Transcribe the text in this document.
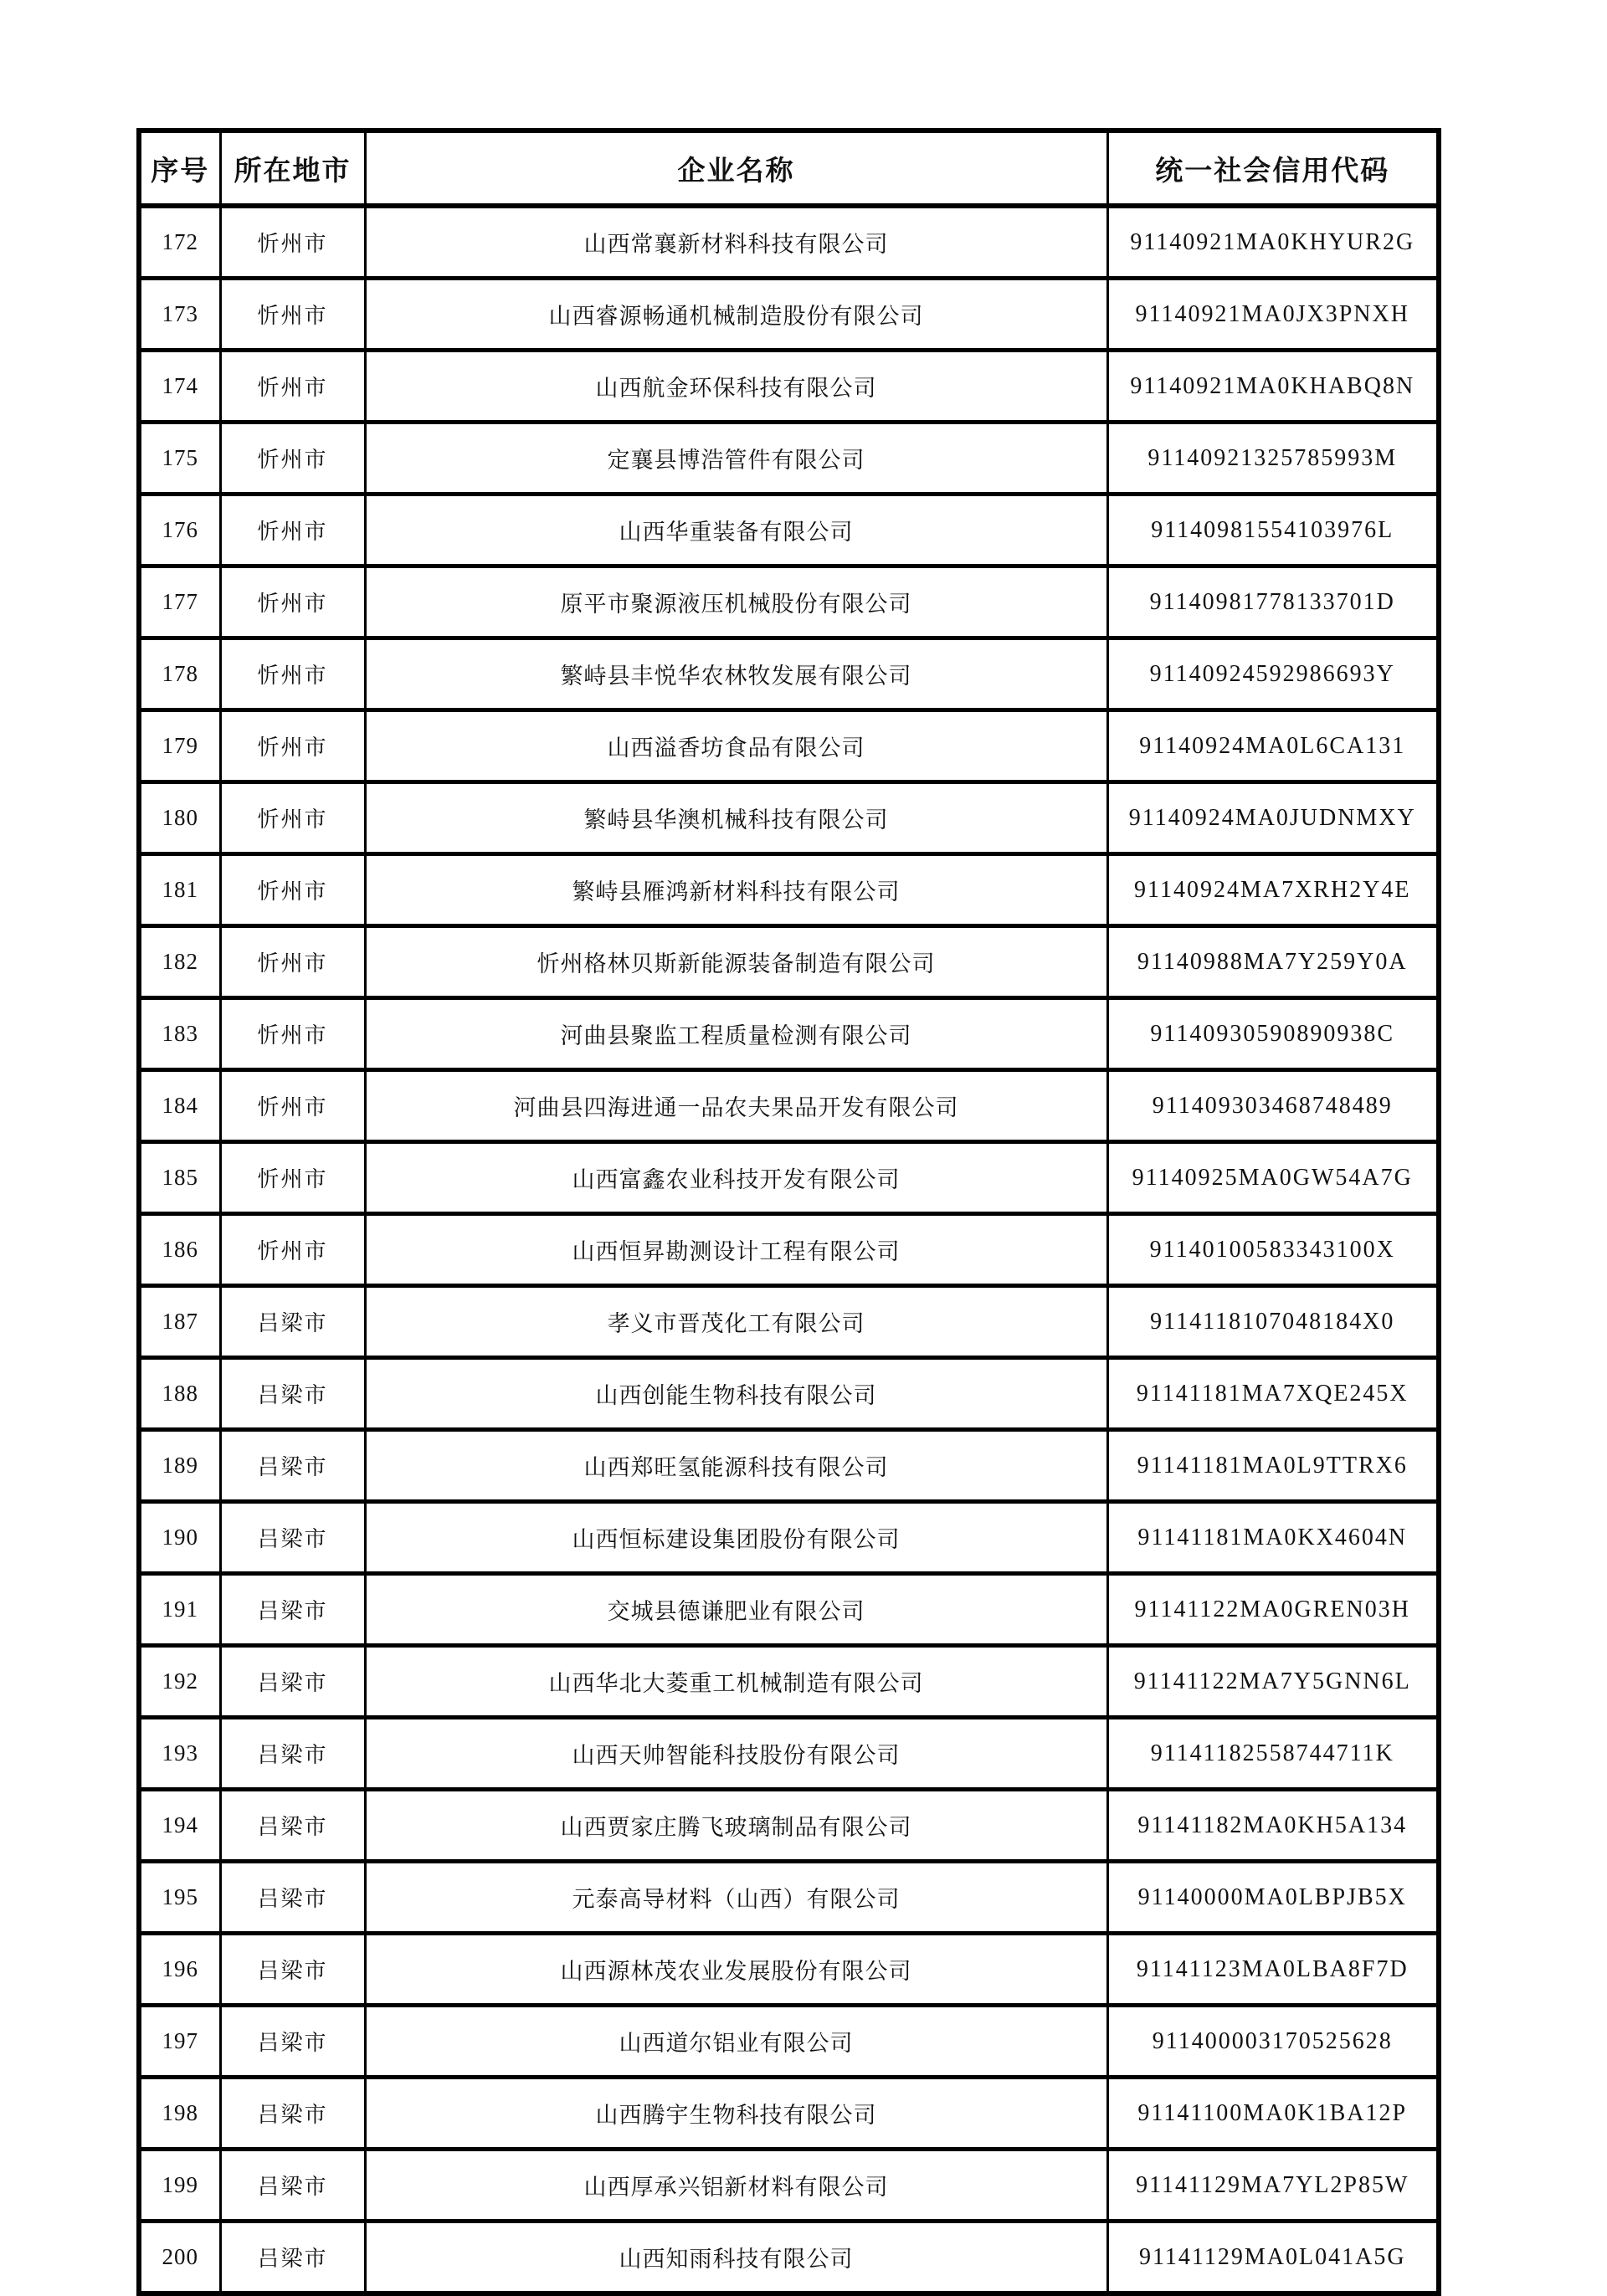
序号	所在地市	企业名称	统一社会信用代码
172	忻州市	山西常襄新材料科技有限公司	91140921MA0KHYUR2G
173	忻州市	山西睿源畅通机械制造股份有限公司	91140921MA0JX3PNXH
174	忻州市	山西航金环保科技有限公司	91140921MA0KHABQ8N
175	忻州市	定襄县博浩管件有限公司	91140921325785993M
176	忻州市	山西华重装备有限公司	91140981554103976L
177	忻州市	原平市聚源液压机械股份有限公司	91140981778133701D
178	忻州市	繁峙县丰悦华农林牧发展有限公司	91140924592986693Y
179	忻州市	山西溢香坊食品有限公司	91140924MA0L6CA131
180	忻州市	繁峙县华澳机械科技有限公司	91140924MA0JUDNMXY
181	忻州市	繁峙县雁鸿新材料科技有限公司	91140924MA7XRH2Y4E
182	忻州市	忻州格林贝斯新能源装备制造有限公司	91140988MA7Y259Y0A
183	忻州市	河曲县聚监工程质量检测有限公司	91140930590890938C
184	忻州市	河曲县四海进通一品农夫果品开发有限公司	911409303468748489
185	忻州市	山西富鑫农业科技开发有限公司	91140925MA0GW54A7G
186	忻州市	山西恒昇勘测设计工程有限公司	91140100583343100X
187	吕梁市	孝义市晋茂化工有限公司	9114118107048184X0
188	吕梁市	山西创能生物科技有限公司	91141181MA7XQE245X
189	吕梁市	山西郑旺氢能源科技有限公司	91141181MA0L9TTRX6
190	吕梁市	山西恒标建设集团股份有限公司	91141181MA0KX4604N
191	吕梁市	交城县德谦肥业有限公司	91141122MA0GREN03H
192	吕梁市	山西华北大菱重工机械制造有限公司	91141122MA7Y5GNN6L
193	吕梁市	山西天帅智能科技股份有限公司	91141182558744711K
194	吕梁市	山西贾家庄腾飞玻璃制品有限公司	91141182MA0KH5A134
195	吕梁市	元泰高导材料（山西）有限公司	91140000MA0LBPJB5X
196	吕梁市	山西源林茂农业发展股份有限公司	91141123MA0LBA8F7D
197	吕梁市	山西道尔铝业有限公司	911400003170525628
198	吕梁市	山西腾宇生物科技有限公司	91141100MA0K1BA12P
199	吕梁市	山西厚承兴铝新材料有限公司	91141129MA7YL2P85W
200	吕梁市	山西知雨科技有限公司	91141129MA0L041A5G
